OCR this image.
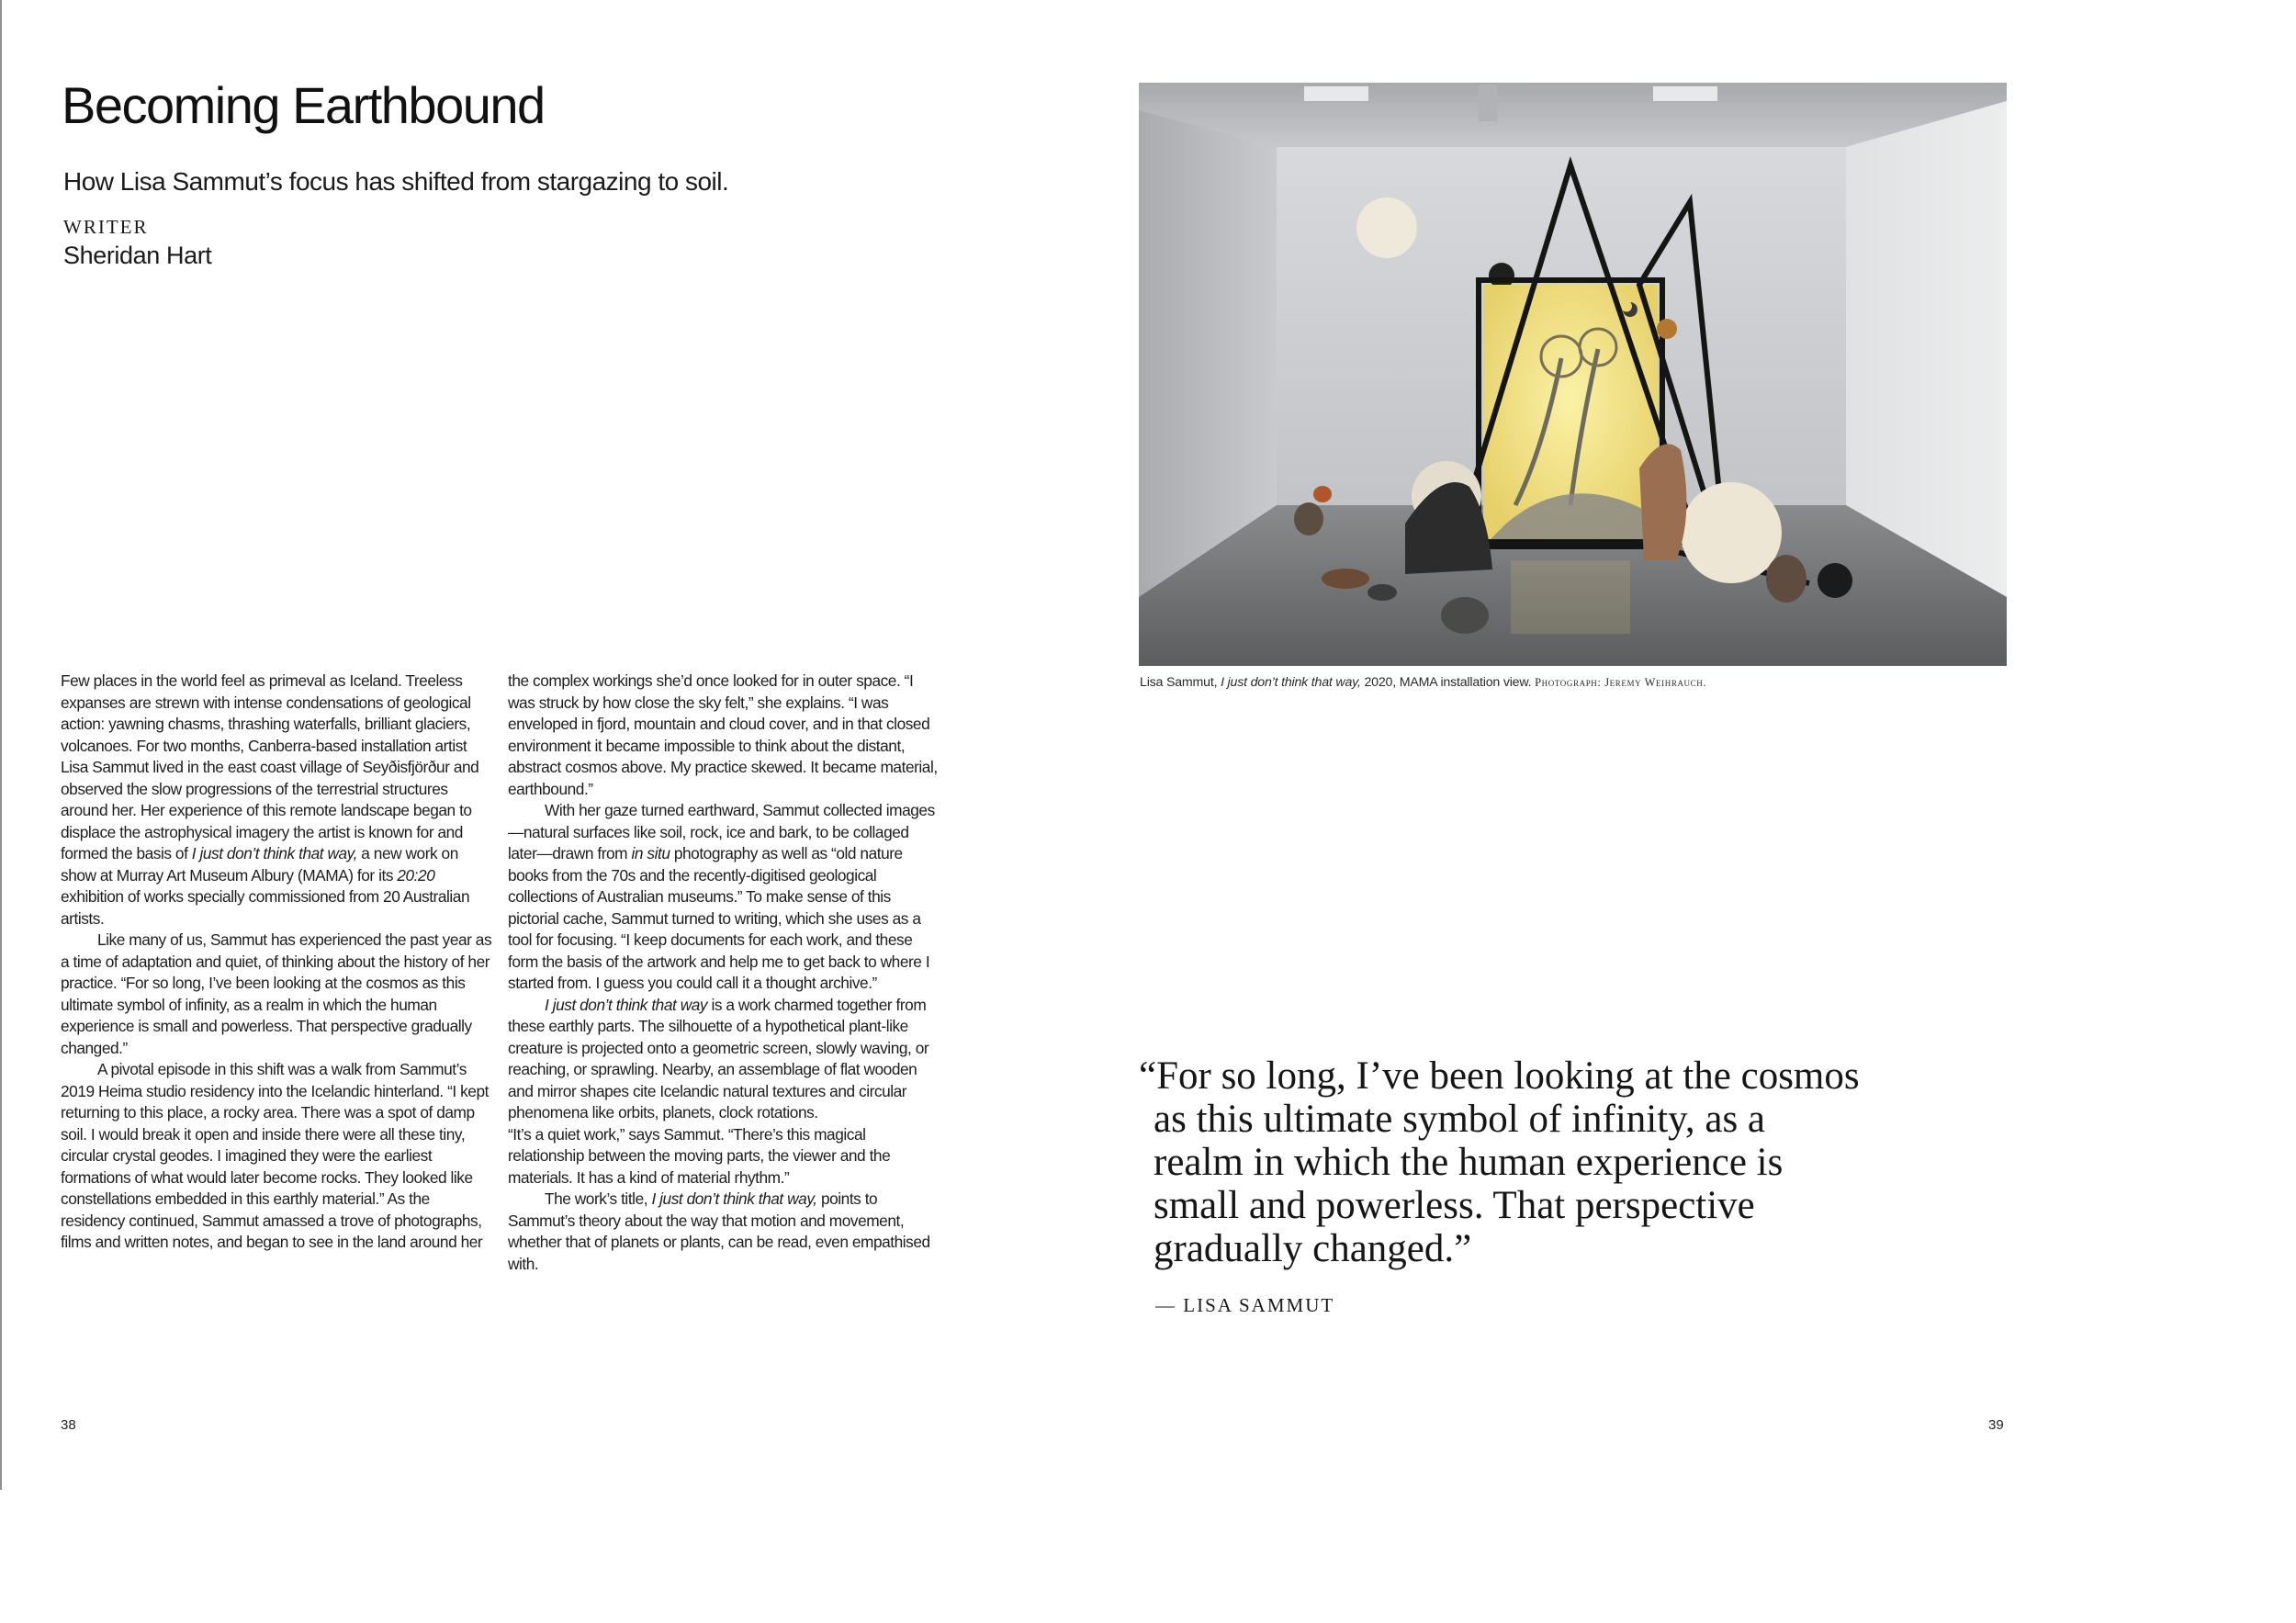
Becoming Earthbound

How Lisa Sammut’s focus has shifted from stargazing to soil.

WRITER
Sheridan Hart

Few places in the world feel as primeval as Iceland. Treeless expanses are strewn with intense condensations of geological action: yawning chasms, thrashing waterfalls, brilliant glaciers, volcanoes. For two months, Canberra-based installation artist Lisa Sammut lived in the east coast village of Seyðisfjörður and observed the slow progressions of the terrestrial structures around her. Her experience of this remote landscape began to displace the astrophysical imagery the artist is known for and formed the basis of I just don’t think that way, a new work on show at Murray Art Museum Albury (MAMA) for its 20:20 exhibition of works specially commissioned from 20 Australian artists.

Like many of us, Sammut has experienced the past year as a time of adaptation and quiet, of thinking about the history of her practice. “For so long, I’ve been looking at the cosmos as this ultimate symbol of infinity, as a realm in which the human experience is small and powerless. That perspective gradually changed.”

A pivotal episode in this shift was a walk from Sammut’s 2019 Heima studio residency into the Icelandic hinterland. “I kept returning to this place, a rocky area. There was a spot of damp soil. I would break it open and inside there were all these tiny, circular crystal geodes. I imagined they were the earliest formations of what would later become rocks. They looked like constellations embedded in this earthly material.” As the residency continued, Sammut amassed a trove of photographs, films and written notes, and began to see in the land around her

the complex workings she’d once looked for in outer space. “I was struck by how close the sky felt,” she explains. “I was enveloped in fjord, mountain and cloud cover, and in that closed environment it became impossible to think about the distant, abstract cosmos above. My practice skewed. It became material, earthbound.”

With her gaze turned earthward, Sammut collected images—natural surfaces like soil, rock, ice and bark, to be collaged later—drawn from in situ photography as well as “old nature books from the 70s and the recently-digitised geological collections of Australian museums.” To make sense of this pictorial cache, Sammut turned to writing, which she uses as a tool for focusing. “I keep documents for each work, and these form the basis of the artwork and help me to get back to where I started from. I guess you could call it a thought archive.”

I just don’t think that way is a work charmed together from these earthly parts. The silhouette of a hypothetical plant-like creature is projected onto a geometric screen, slowly waving, or reaching, or sprawling. Nearby, an assemblage of flat wooden and mirror shapes cite Icelandic natural textures and circular phenomena like orbits, planets, clock rotations.

“It’s a quiet work,” says Sammut. “There’s this magical relationship between the moving parts, the viewer and the materials. It has a kind of material rhythm.”

The work’s title, I just don’t think that way, points to Sammut’s theory about the way that motion and movement, whether that of planets or plants, can be read, even empathised with.

38
Lisa Sammut, I just don’t think that way, 2020, MAMA installation view. Photograph: Jeremy Weihrauch.
“For so long, I’ve been looking at the cosmos
as this ultimate symbol of infinity, as a
realm in which the human experience is
small and powerless. That perspective
gradually changed.”
— LISA SAMMUT
39
